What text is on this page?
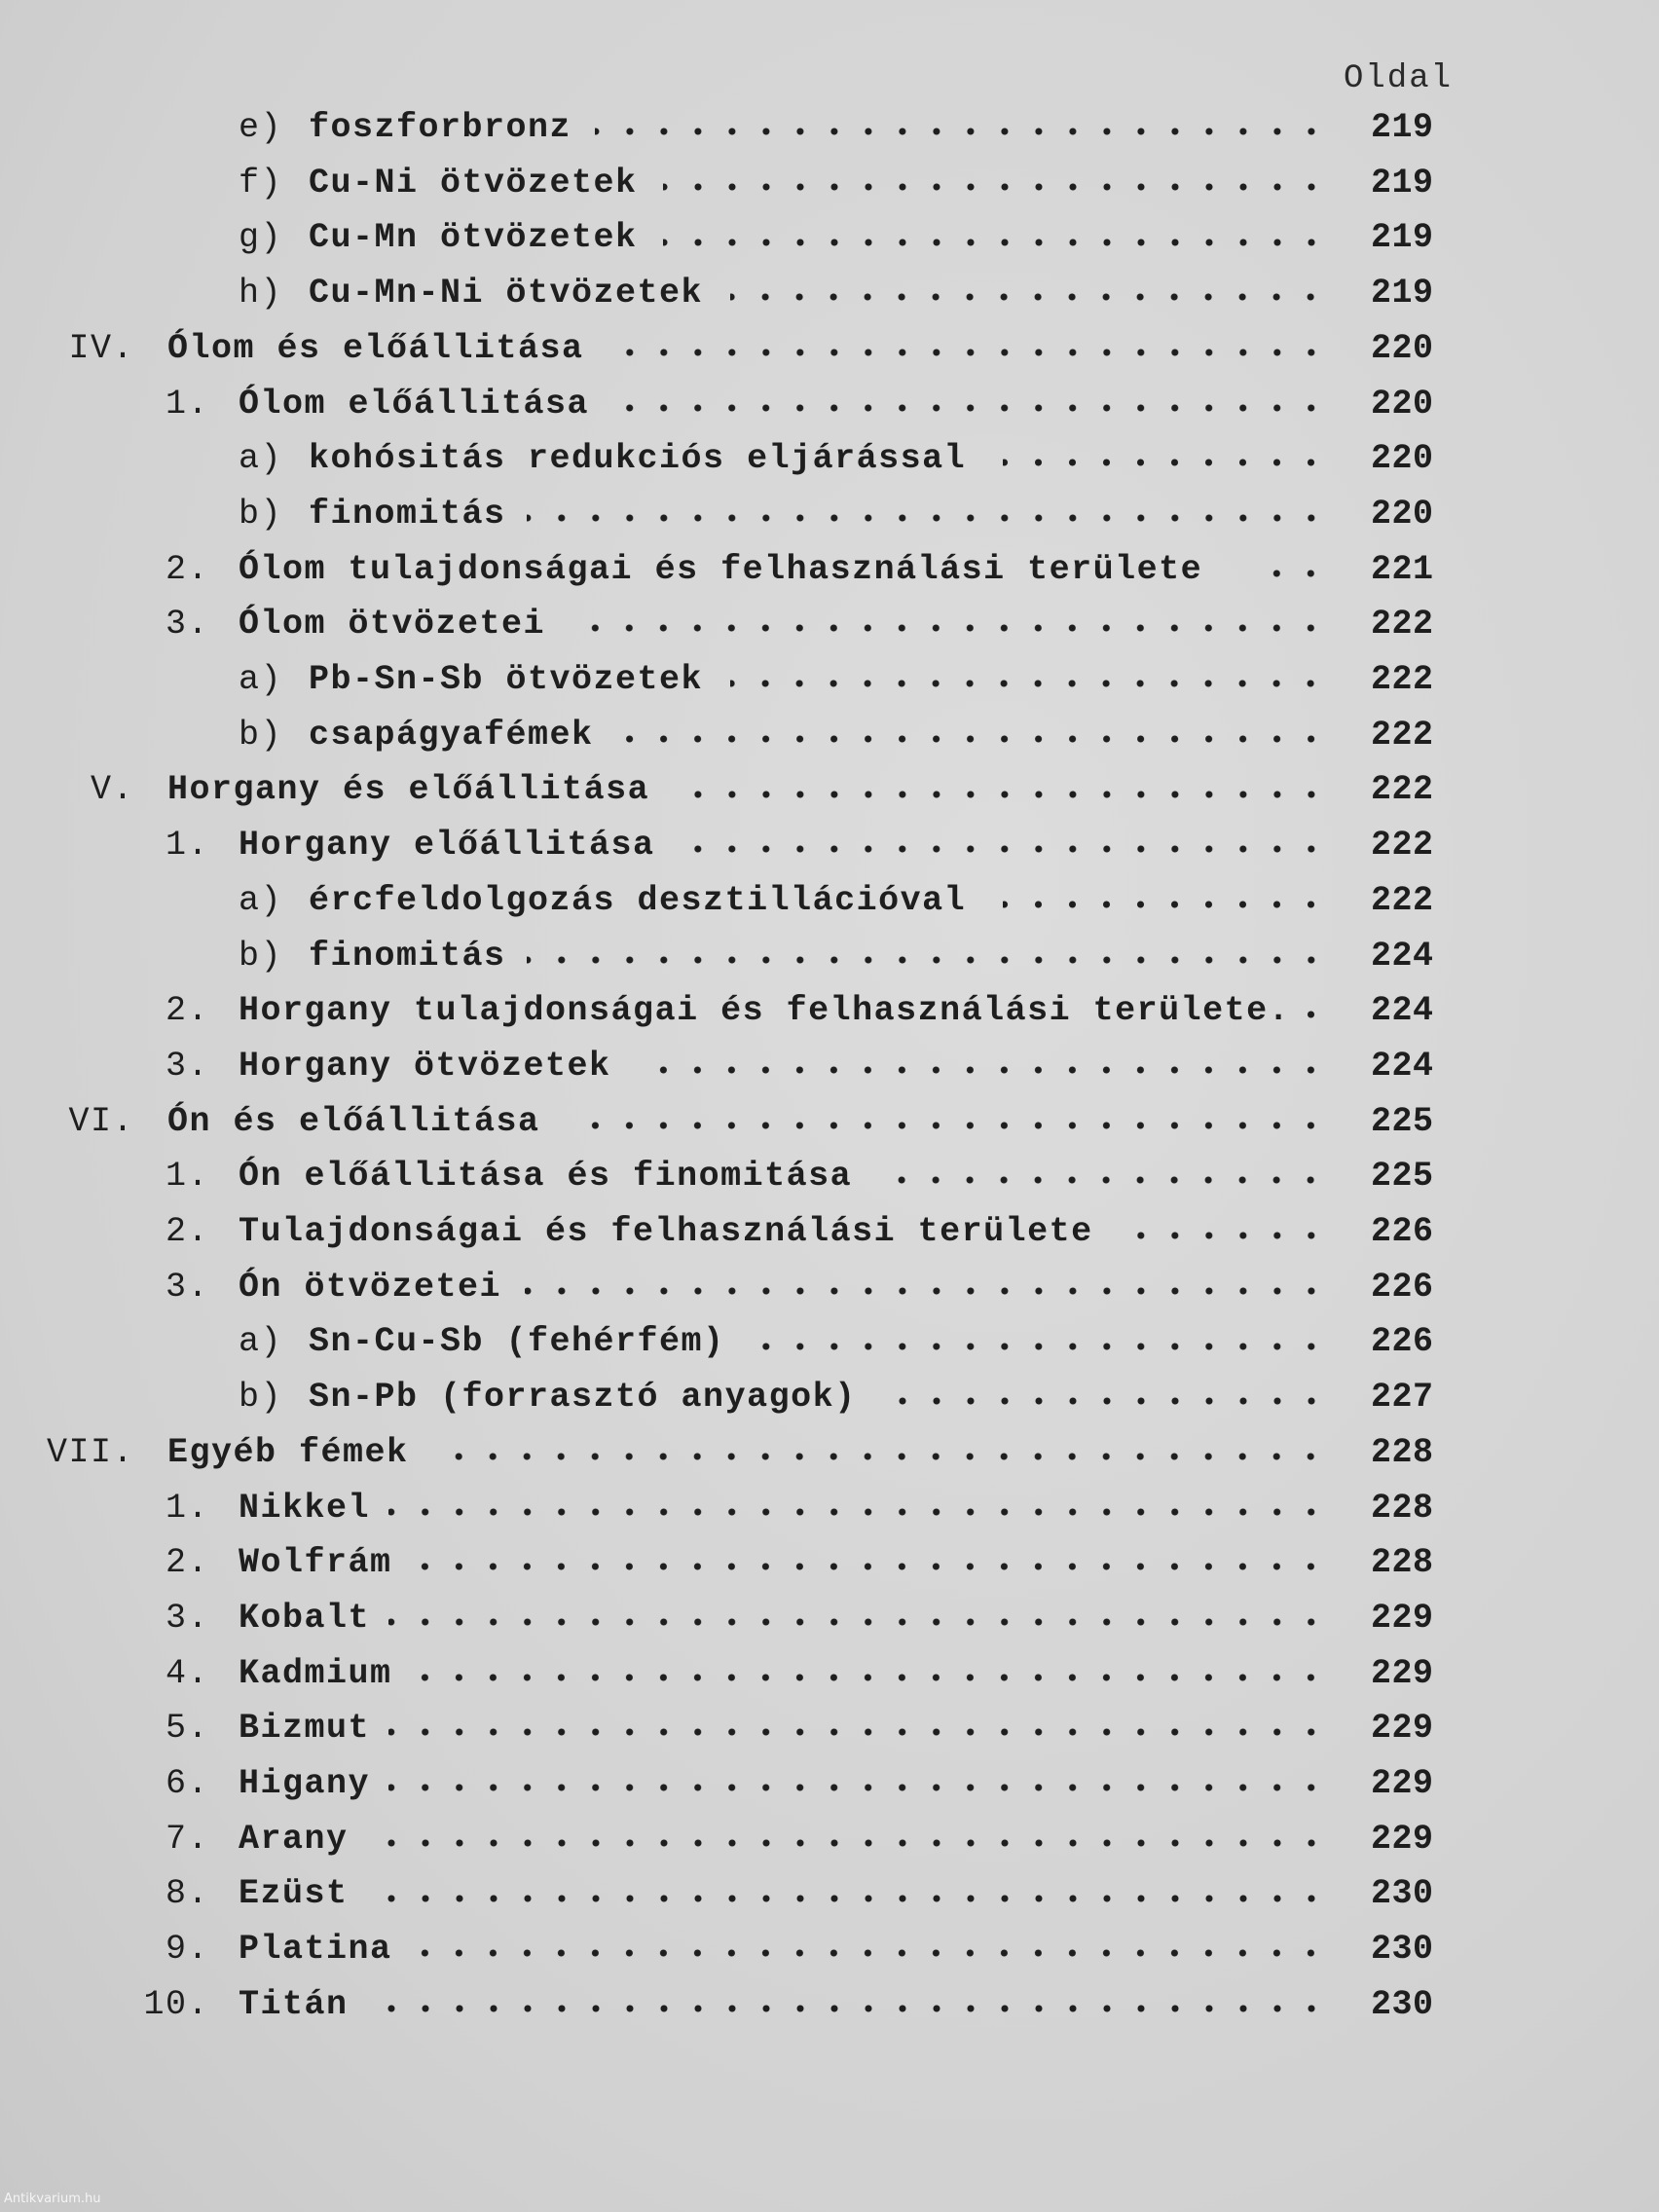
Oldal
e) foszforbronz	219
f) Cu-Ni ötvözetek	219
g) Cu-Mn ötvözetek	219
h) Cu-Mn-Ni ötvözetek	219
IV. Ólom és előállitása	220
1. Ólom előállitása	220
a) kohósitás redukciós eljárással	220
b) finomitás	220
2. Ólom tulajdonságai és felhasználási területe	221
3. Ólom ötvözetei	222
a) Pb-Sn-Sb ötvözetek	222
b) csapágyafémek	222
V. Horgany és előállitása	222
1. Horgany előállitása	222
a) ércfeldolgozás desztillációval	222
b) finomitás	224
2. Horgany tulajdonságai és felhasználási területe. 224
3. Horgany ötvözetek	224
VI. Ón és előállitása	225
1. Ón előállitása és finomitása	225
2. Tulajdonságai és felhasználási területe	226
3. Ón ötvözetei	226
a) Sn-Cu-Sb (fehérfém)	226
b) Sn-Pb (forrasztó anyagok)	227
VII. Egyéb fémek	228
1. Nikkel	228
2. Wolfrám	228
3. Kobalt	229
4. Kadmium	229
5. Bizmut	229
6. Higany	229
7. Arany	229
8. Ezüst	230
9. Platina	230
10. Titán	230
Antikvarium.hu
